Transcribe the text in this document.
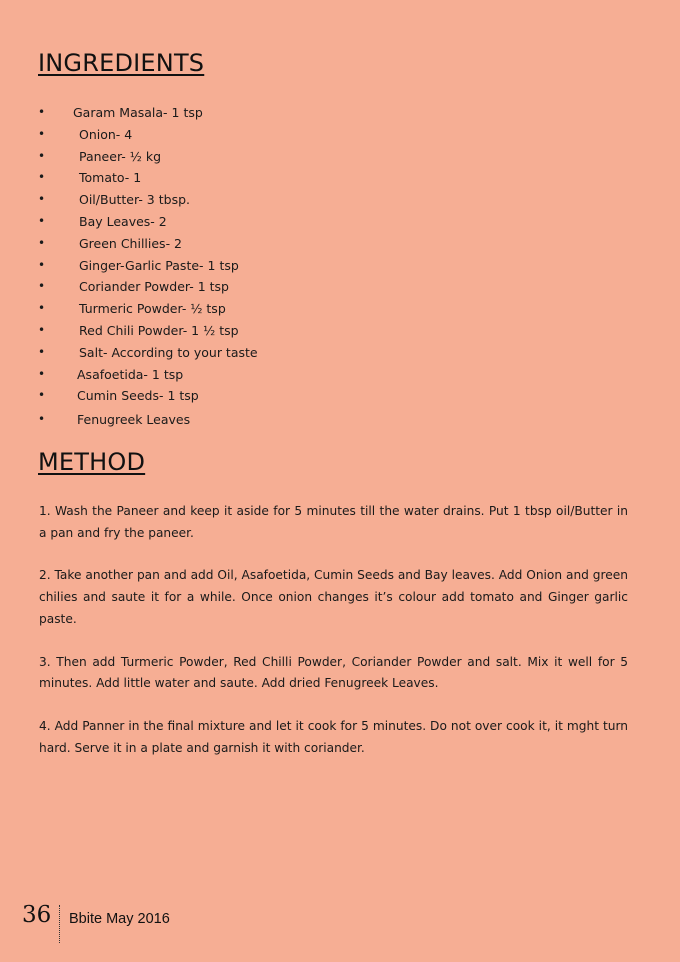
INGREDIENTS
• Garam Masala- 1 tsp
•	Onion- 4
•	Paneer- ½ kg
•	Tomato- 1
•	Oil/Butter- 3 tbsp.
•	Bay Leaves- 2
•	Green Chillies- 2
•	Ginger-Garlic Paste- 1 tsp
•	Coriander Powder- 1 tsp
•	Turmeric Powder- ½ tsp
•	Red Chili Powder- 1 ½ tsp
•	Salt- According to your taste
•	Asafoetida- 1 tsp
•	Cumin Seeds- 1 tsp
•	Fenugreek Leaves
METHOD

1. Wash the Paneer and keep it aside for 5 minutes till the water drains. Put 1 tbsp oil/Butter in a pan and fry the paneer.

2. Take another pan and add Oil, Asafoetida, Cumin Seeds and Bay leaves. Add Onion and green chilies and saute it for a while. Once onion changes it’s colour add tomato and Ginger garlic paste.

3. Then add Turmeric Powder, Red Chilli Powder, Coriander Powder and salt. Mix it well for 5 minutes. Add little water and saute. Add dried Fenugreek Leaves.

4. Add Panner in the final mixture and let it cook for 5 minutes. Do not over cook it, it mght turn hard. Serve it in a plate and garnish it with coriander.

36 Bbite May 2016
